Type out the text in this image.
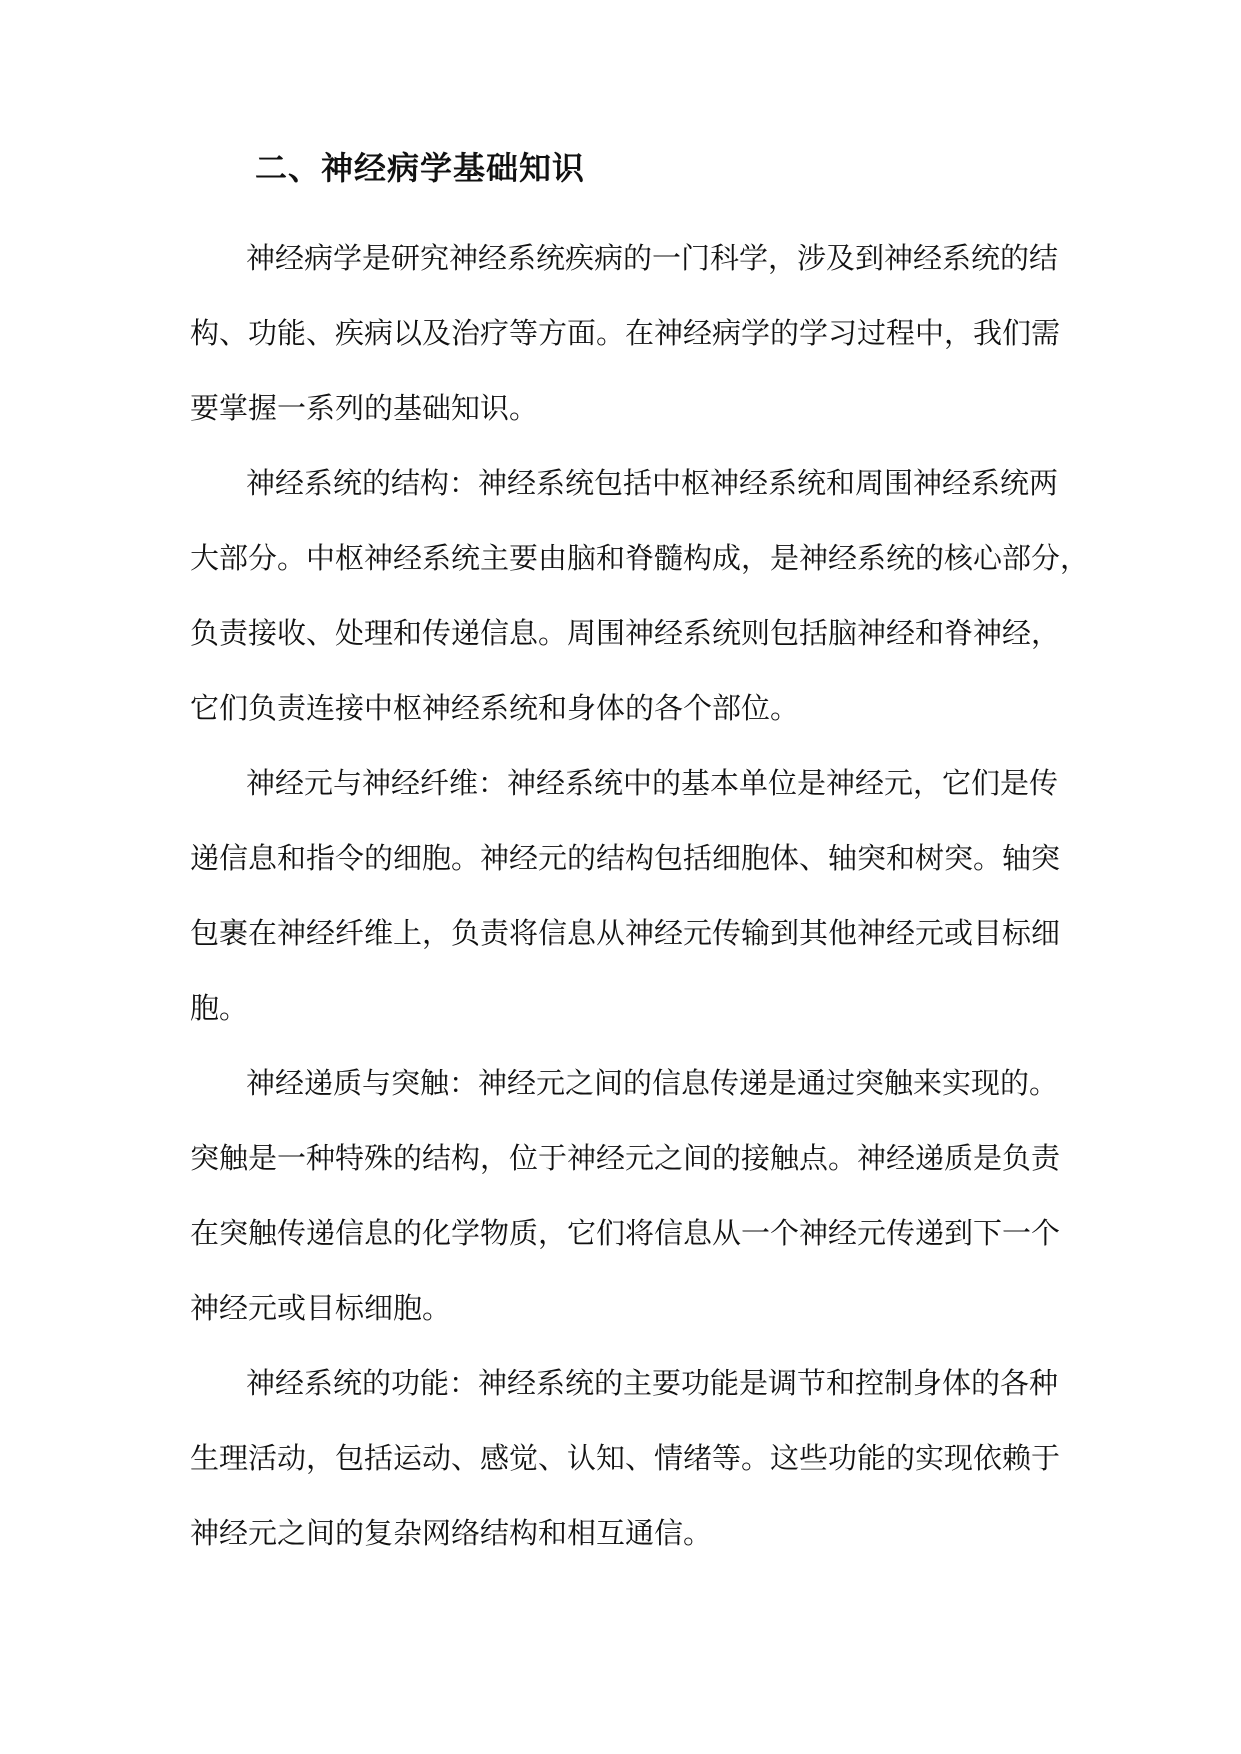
二、神经病学基础知识

神经病学是研究神经系统疾病的一门科学，涉及到神经系统的结

构、功能、疾病以及治疗等方面。在神经病学的学习过程中，我们需

要掌握一系列的基础知识。

神经系统的结构：神经系统包括中枢神经系统和周围神经系统两

大部分。中枢神经系统主要由脑和脊髓构成，是神经系统的核心部分，

负责接收、处理和传递信息。周围神经系统则包括脑神经和脊神经，

它们负责连接中枢神经系统和身体的各个部位。

神经元与神经纤维：神经系统中的基本单位是神经元，它们是传

递信息和指令的细胞。神经元的结构包括细胞体、轴突和树突。轴突

包裹在神经纤维上，负责将信息从神经元传输到其他神经元或目标细

胞。

神经递质与突触：神经元之间的信息传递是通过突触来实现的。

突触是一种特殊的结构，位于神经元之间的接触点。神经递质是负责

在突触传递信息的化学物质，它们将信息从一个神经元传递到下一个

神经元或目标细胞。

神经系统的功能：神经系统的主要功能是调节和控制身体的各种

生理活动，包括运动、感觉、认知、情绪等。这些功能的实现依赖于

神经元之间的复杂网络结构和相互通信。
